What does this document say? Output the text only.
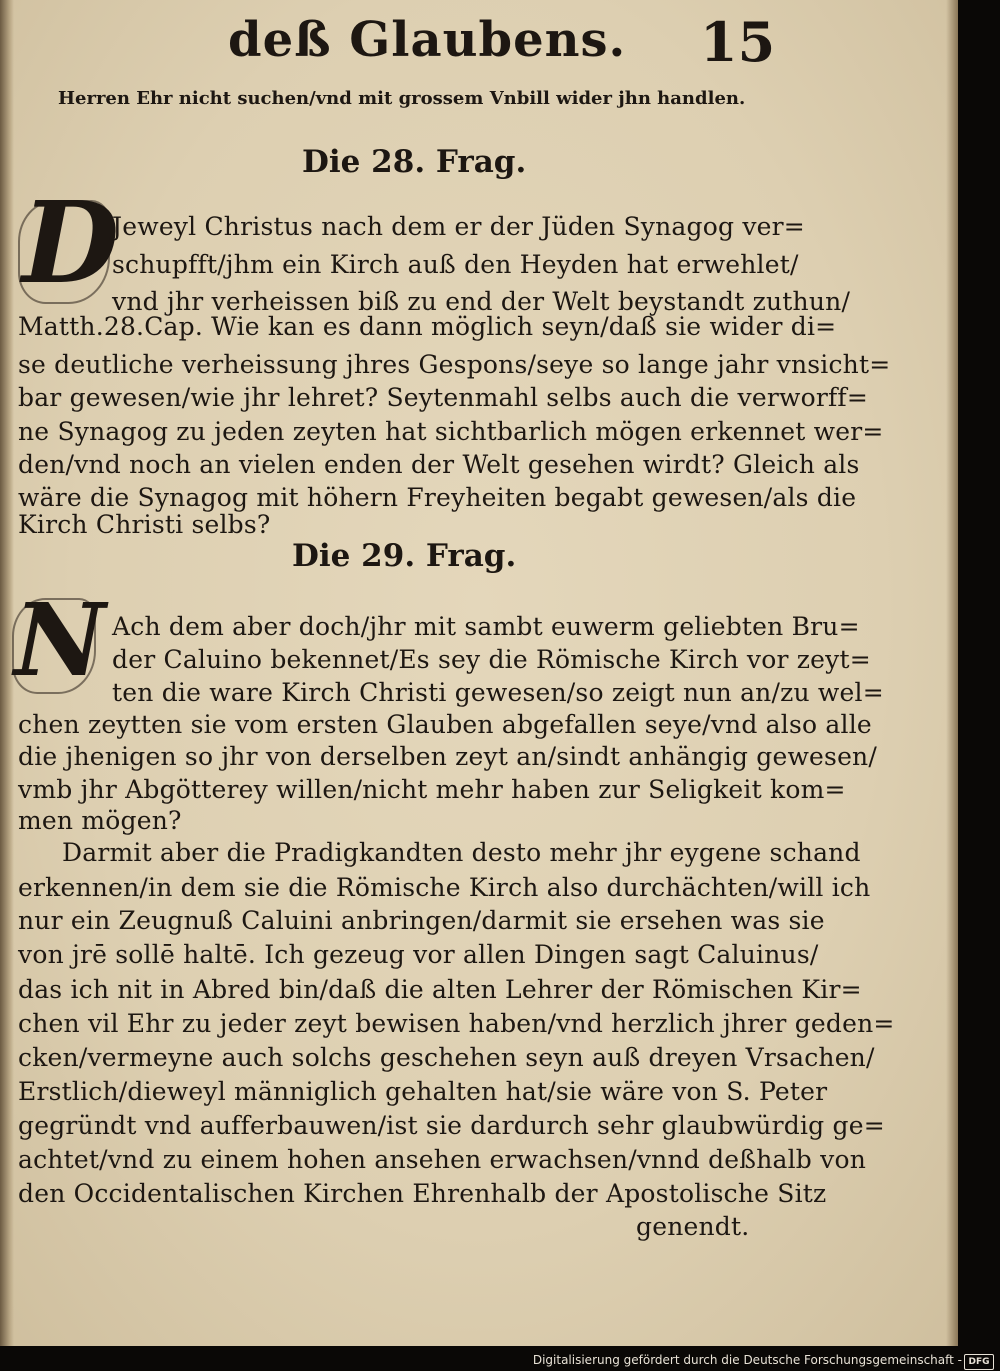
deß Glaubens. 15
Herren Ehr nicht suchen/vnd mit grossem Vnbill wider jhn handlen.
Die 28. Frag.
D
Jeweyl Christus nach dem er der Jüden Synagog ver=
schupfft/jhm ein Kirch auß den Heyden hat erwehlet/
vnd jhr verheissen biß zu end der Welt beystandt zuthun/
Matth.28.Cap. Wie kan es dann möglich seyn/daß sie wider di=
se deutliche verheissung jhres Gespons/seye so lange jahr vnsicht=
bar gewesen/wie jhr lehret? Seytenmahl selbs auch die verworff=
ne Synagog zu jeden zeyten hat sichtbarlich mögen erkennet wer=
den/vnd noch an vielen enden der Welt gesehen wirdt? Gleich als
wäre die Synagog mit höhern Freyheiten begabt gewesen/als die
Kirch Christi selbs?
Die 29. Frag.
N Ach dem aber doch/jhr mit sambt euwerm geliebten Bru=
der Caluino bekennet/Es sey die Römische Kirch vor zeyt=
ten die ware Kirch Christi gewesen/so zeigt nun an/zu wel=
chen zeytten sie vom ersten Glauben abgefallen seye/vnd also alle
die jhenigen so jhr von derselben zeyt an/sindt anhängig gewesen/
vmb jhr Abgötterey willen/nicht mehr haben zur Seligkeit kom=
men mögen?
Darmit aber die Pradigkandten desto mehr jhr eygene schand
erkennen/in dem sie die Römische Kirch also durchächten/will ich
nur ein Zeugnuß Caluini anbringen/darmit sie ersehen was sie
von jrē sollē haltē. Ich gezeug vor allen Dingen sagt Caluinus/
das ich nit in Abred bin/daß die alten Lehrer der Römischen Kir=
chen vil Ehr zu jeder zeyt bewisen haben/vnd herzlich jhrer geden=
cken/vermeyne auch solchs geschehen seyn auß dreyen Vrsachen/
Erstlich/dieweyl männiglich gehalten hat/sie wäre von S. Peter
gegründt vnd aufferbauwen/ist sie dardurch sehr glaubwürdig ge=
achtet/vnd zu einem hohen ansehen erwachsen/vnnd deßhalb von
den Occidentalischen Kirchen Ehrenhalb der Apostolische Sitz
genendt.
Digitalisierung gefördert durch die Deutsche Forschungsgemeinschaft - DFG
